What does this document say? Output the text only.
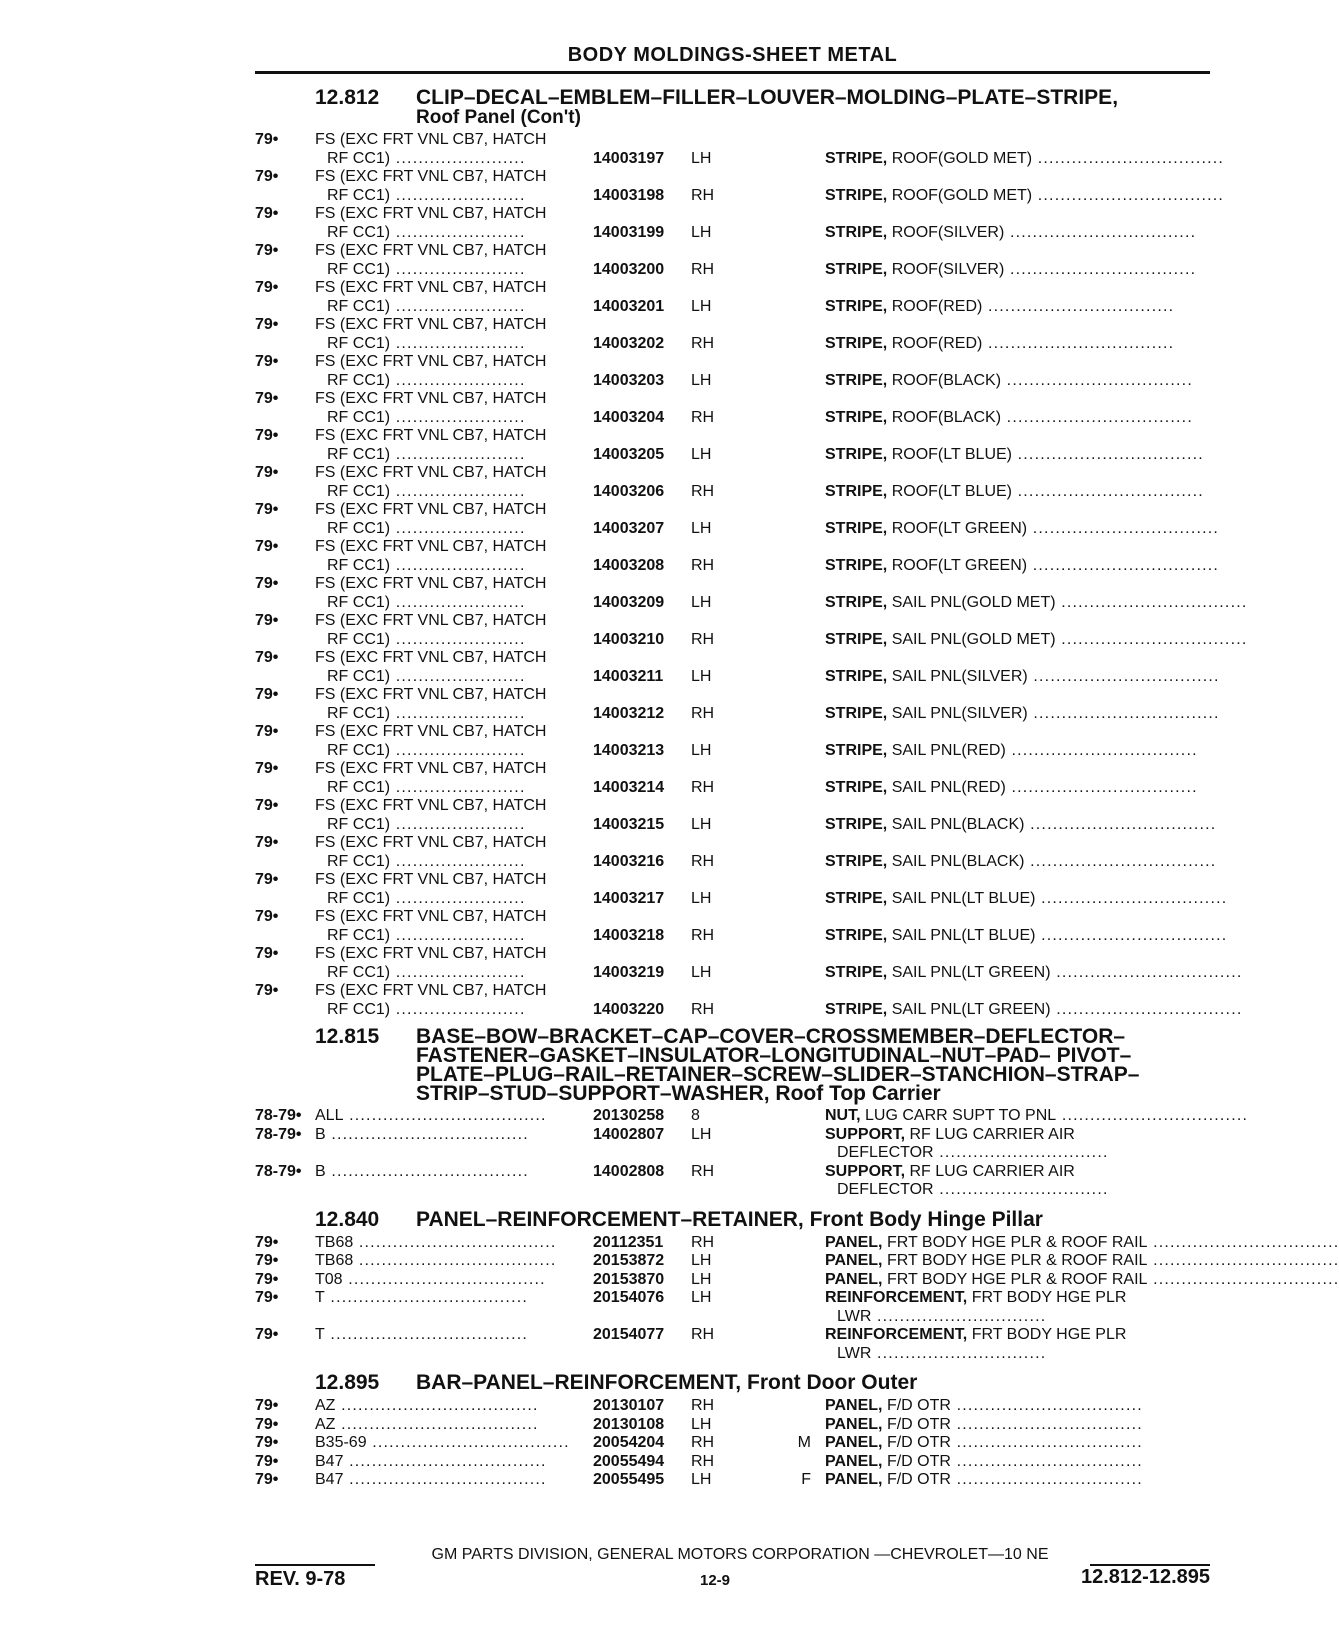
BODY MOLDINGS-SHEET METAL
12.812	CLIP–DECAL–EMBLEM–FILLER–LOUVER–MOLDING–PLATE–STRIPE,
Roof Panel (Con't)
79•	FS (EXC FRT VNL CB7, HATCH
RF CC1) .......................	14003197	LH	STRIPE, ROOF(GOLD MET) .................................
79•	FS (EXC FRT VNL CB7, HATCH
RF CC1) .......................	14003198	RH	STRIPE, ROOF(GOLD MET) .................................
79•	FS (EXC FRT VNL CB7, HATCH
RF CC1) .......................	14003199	LH	STRIPE, ROOF(SILVER) .................................
79•	FS (EXC FRT VNL CB7, HATCH
RF CC1) .......................	14003200	RH	STRIPE, ROOF(SILVER) .................................
79•	FS (EXC FRT VNL CB7, HATCH
RF CC1) .......................	14003201	LH	STRIPE, ROOF(RED) .................................
79•	FS (EXC FRT VNL CB7, HATCH
RF CC1) .......................	14003202	RH	STRIPE, ROOF(RED) .................................
79•	FS (EXC FRT VNL CB7, HATCH
RF CC1) .......................	14003203	LH	STRIPE, ROOF(BLACK) .................................
79•	FS (EXC FRT VNL CB7, HATCH
RF CC1) .......................	14003204	RH	STRIPE, ROOF(BLACK) .................................
79•	FS (EXC FRT VNL CB7, HATCH
RF CC1) .......................	14003205	LH	STRIPE, ROOF(LT BLUE) .................................
79•	FS (EXC FRT VNL CB7, HATCH
RF CC1) .......................	14003206	RH	STRIPE, ROOF(LT BLUE) .................................
79•	FS (EXC FRT VNL CB7, HATCH
RF CC1) .......................	14003207	LH	STRIPE, ROOF(LT GREEN) .................................
79•	FS (EXC FRT VNL CB7, HATCH
RF CC1) .......................	14003208	RH	STRIPE, ROOF(LT GREEN) .................................
79•	FS (EXC FRT VNL CB7, HATCH
RF CC1) .......................	14003209	LH	STRIPE, SAIL PNL(GOLD MET) .................................
79•	FS (EXC FRT VNL CB7, HATCH
RF CC1) .......................	14003210	RH	STRIPE, SAIL PNL(GOLD MET) .................................
79•	FS (EXC FRT VNL CB7, HATCH
RF CC1) .......................	14003211	LH	STRIPE, SAIL PNL(SILVER) .................................
79•	FS (EXC FRT VNL CB7, HATCH
RF CC1) .......................	14003212	RH	STRIPE, SAIL PNL(SILVER) .................................
79•	FS (EXC FRT VNL CB7, HATCH
RF CC1) .......................	14003213	LH	STRIPE, SAIL PNL(RED) .................................
79•	FS (EXC FRT VNL CB7, HATCH
RF CC1) .......................	14003214	RH	STRIPE, SAIL PNL(RED) .................................
79•	FS (EXC FRT VNL CB7, HATCH
RF CC1) .......................	14003215	LH	STRIPE, SAIL PNL(BLACK) .................................
79•	FS (EXC FRT VNL CB7, HATCH
RF CC1) .......................	14003216	RH	STRIPE, SAIL PNL(BLACK) .................................
79•	FS (EXC FRT VNL CB7, HATCH
RF CC1) .......................	14003217	LH	STRIPE, SAIL PNL(LT BLUE) .................................
79•	FS (EXC FRT VNL CB7, HATCH
RF CC1) .......................	14003218	RH	STRIPE, SAIL PNL(LT BLUE) .................................
79•	FS (EXC FRT VNL CB7, HATCH
RF CC1) .......................	14003219	LH	STRIPE, SAIL PNL(LT GREEN) .................................
79•	FS (EXC FRT VNL CB7, HATCH
RF CC1) .......................	14003220	RH	STRIPE, SAIL PNL(LT GREEN) .................................
12.815	BASE–BOW–BRACKET–CAP–COVER–CROSSMEMBER–DEFLECTOR–FASTENER–GASKET–INSULATOR–LONGITUDINAL–NUT–PAD– PIVOT–PLATE–PLUG–RAIL–RETAINER–SCREW–SLIDER–STANCHION–STRAP–STRIP–STUD–SUPPORT–WASHER, Roof Top Carrier
78-79• ALL ...................................	20130258	8	NUT, LUG CARR SUPT TO PNL .................................
78-79• B ...................................	14002807	LH	SUPPORT, RF LUG CARRIER AIR
DEFLECTOR ..............................
78-79• B ...................................	14002808	RH	SUPPORT, RF LUG CARRIER AIR
DEFLECTOR ..............................
12.840	PANEL–REINFORCEMENT–RETAINER, Front Body Hinge Pillar
79•	TB68 ...................................	20112351	RH	PANEL, FRT BODY HGE PLR & ROOF RAIL .................................
79•	TB68 ...................................	20153872	LH	PANEL, FRT BODY HGE PLR & ROOF RAIL .................................
79•	T08 ...................................	20153870	LH	PANEL, FRT BODY HGE PLR & ROOF RAIL .................................
79•	T ...................................	20154076	LH	REINFORCEMENT, FRT BODY HGE PLR
LWR ..............................
79•	T ...................................	20154077	RH	REINFORCEMENT, FRT BODY HGE PLR
LWR ..............................
12.895	BAR–PANEL–REINFORCEMENT, Front Door Outer
79•	AZ ...................................	20130107	RH	PANEL, F/D OTR .................................
79•	AZ ...................................	20130108	LH	PANEL, F/D OTR .................................
79•	B35-69 ...................................	20054204	RH	M PANEL, F/D OTR .................................
79•	B47 ...................................	20055494	RH	PANEL, F/D OTR .................................
79•	B47 ...................................	20055495	LH	F PANEL, F/D OTR .................................
GM PARTS DIVISION, GENERAL MOTORS CORPORATION —CHEVROLET—10 NE
REV. 9-78	12-9	12.812-12.895
